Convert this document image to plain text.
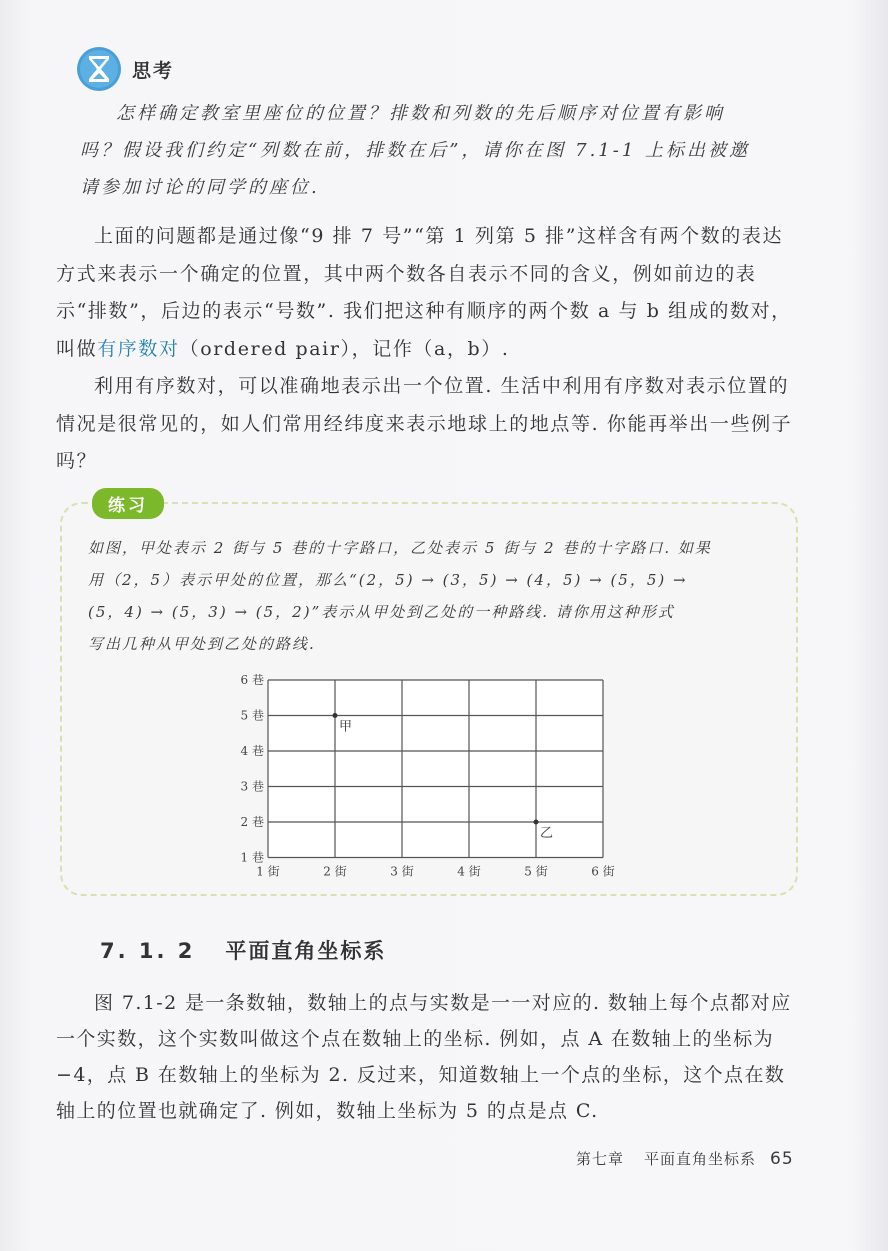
思考

怎样确定教室里座位的位置？排数和列数的先后顺序对位置有影响

吗？假设我们约定“列数在前，排数在后”，请你在图 7.1-1 上标出被邀
请参加讨论的同学的座位.

上面的问题都是通过像“9 排 7 号”“第 1 列第 5 排”这样含有两个数的表达方式来表示一个确定的位置，其中两个数各自表示不同的含义，例如前边的表示“排数”，后边的表示“号数”. 我们把这种有顺序的两个数 a 与 b 组成的数对，叫做有序数对（ordered pair），记作（a，b）.

利用有序数对，可以准确地表示出一个位置. 生活中利用有序数对表示位置的情况是很常见的，如人们常用经纬度来表示地球上的地点等. 你能再举出一些例子吗？

练习

如图，甲处表示 2 街与 5 巷的十字路口，乙处表示 5 街与 2 巷的十字路口. 如果

用（2，5）表示甲处的位置，那么“(2，5) → (3，5) → (4，5) → (5，5) →

(5，4) → (5，3) → (5，2)”表示从甲处到乙处的一种路线. 请你用这种形式

写出几种从甲处到乙处的路线.

1 街	2 街	3 街	4 街	5 街	6 街
1 巷
2 巷
3 巷
4 巷
5 巷
6 巷
甲
乙
7. 1. 2 平面直角坐标系

图 7.1-2 是一条数轴，数轴上的点与实数是一一对应的. 数轴上每个点都对应一个实数，这个实数叫做这个点在数轴上的坐标. 例如，点 A 在数轴上的坐标为−4，点 B 在数轴上的坐标为 2. 反过来，知道数轴上一个点的坐标，这个点在数轴上的位置也就确定了. 例如，数轴上坐标为 5 的点是点 C.

第七章 平面直角坐标系 65
